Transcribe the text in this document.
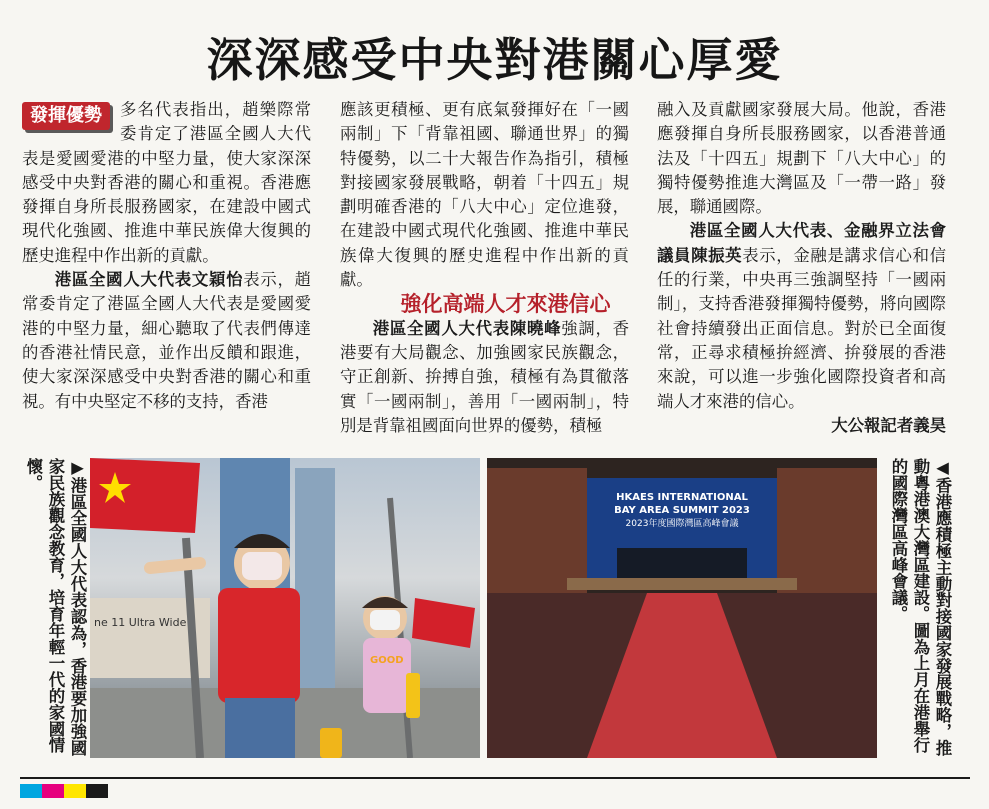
深深感受中央對港關心厚愛

發揮優勢	多名代表指出，趙樂際常委肯定了港區全國人大代表是愛國愛港的中堅力量，使大家深深感受中央對香港的關心和重視。香港應發揮自身所長服務國家，在建設中國式現代化強國、推進中華民族偉大復興的歷史進程中作出新的貢獻。

港區全國人大代表文穎怡表示，趙常委肯定了港區全國人大代表是愛國愛港的中堅力量，細心聽取了代表們傳達的香港社情民意，並作出反饋和跟進，使大家深深感受中央對香港的關心和重視。有中央堅定不移的支持，香港

應該更積極、更有底氣發揮好在「一國兩制」下「背靠祖國、聯通世界」的獨特優勢，以二十大報告作為指引，積極對接國家發展戰略，朝着「十四五」規劃明確香港的「八大中心」定位進發，在建設中國式現代化強國、推進中華民族偉大復興的歷史進程中作出新的貢獻。

強化高端人才來港信心

港區全國人大代表陳曉峰強調，香港要有大局觀念、加強國家民族觀念，守正創新、拚搏自強，積極有為貫徹落實「一國兩制」，善用「一國兩制」，特別是背靠祖國面向世界的優勢，積極

融入及貢獻國家發展大局。他說，香港應發揮自身所長服務國家，以香港普通法及「十四五」規劃下「八大中心」的獨特優勢推進大灣區及「一帶一路」發展，聯通國際。

港區全國人大代表、金融界立法會議員陳振英表示，金融是講求信心和信任的行業，中央再三強調堅持「一國兩制」，支持香港發揮獨特優勢，將向國際社會持續發出正面信息。對於已全面復常，正尋求積極拚經濟、拚發展的香港來說，可以進一步強化國際投資者和高端人才來港的信心。

大公報記者義昊

▶港區全國人大代表認為，香港要加強國家民族觀念教育，培育年輕一代的家國情懷。
ne 11 Ultra Wide
GOOD
HKAES INTERNATIONAL
BAY AREA SUMMIT 2023
2023年度國際灣區高峰會議	◀香港應積極主動對接國家發展戰略，推動粵港澳大灣區建設。圖為上月在港舉行的國際灣區高峰會議。
